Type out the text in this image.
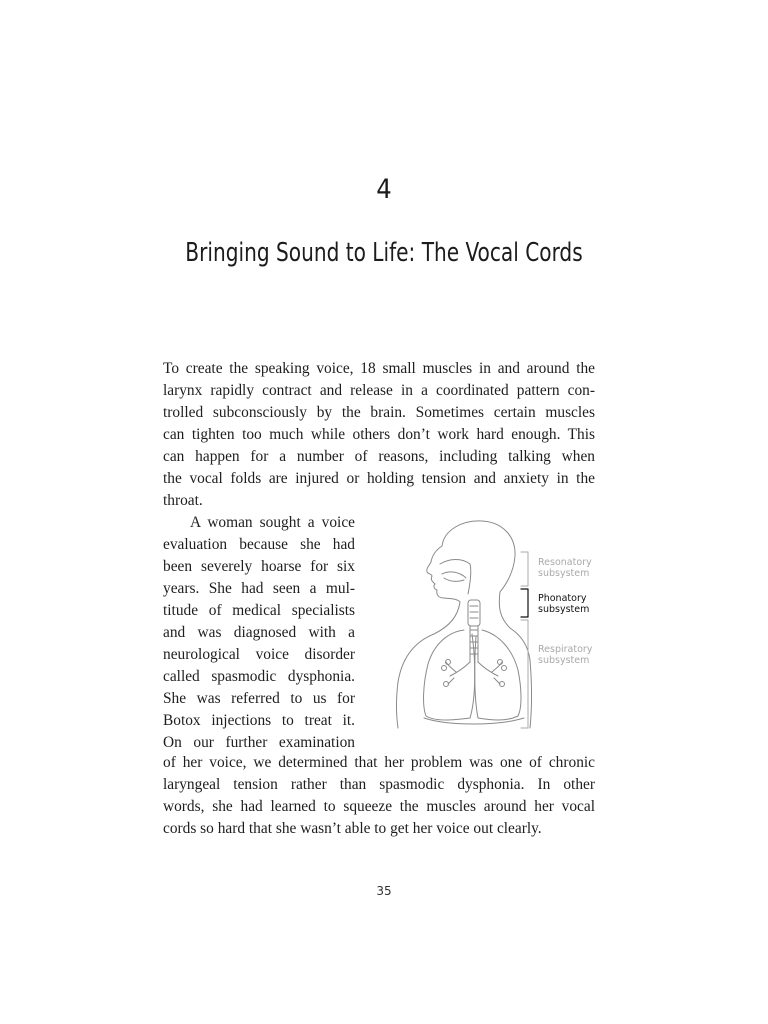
4
Bringing Sound to Life: The Vocal Cords
To create the speaking voice, 18 small muscles in and around the
larynx rapidly contract and release in a coordinated pattern con-
trolled subconsciously by the brain. Sometimes certain muscles
can tighten too much while others don’t work hard enough. This
can happen for a number of reasons, including talking when
the vocal folds are injured or holding tension and anxiety in the
throat.
A woman sought a voice
evaluation because she had
been severely hoarse for six
years. She had seen a mul-
titude of medical specialists
and was diagnosed with a
neurological voice disorder
called spasmodic dysphonia.
She was referred to us for
Botox injections to treat it.
On our further examination
of her voice, we determined that her problem was one of chronic
laryngeal tension rather than spasmodic dysphonia. In other
words, she had learned to squeeze the muscles around her vocal
cords so hard that she wasn’t able to get her voice out clearly.
Resonatory
subsystem
Phonatory
subsystem
Respiratory
subsystem
35
